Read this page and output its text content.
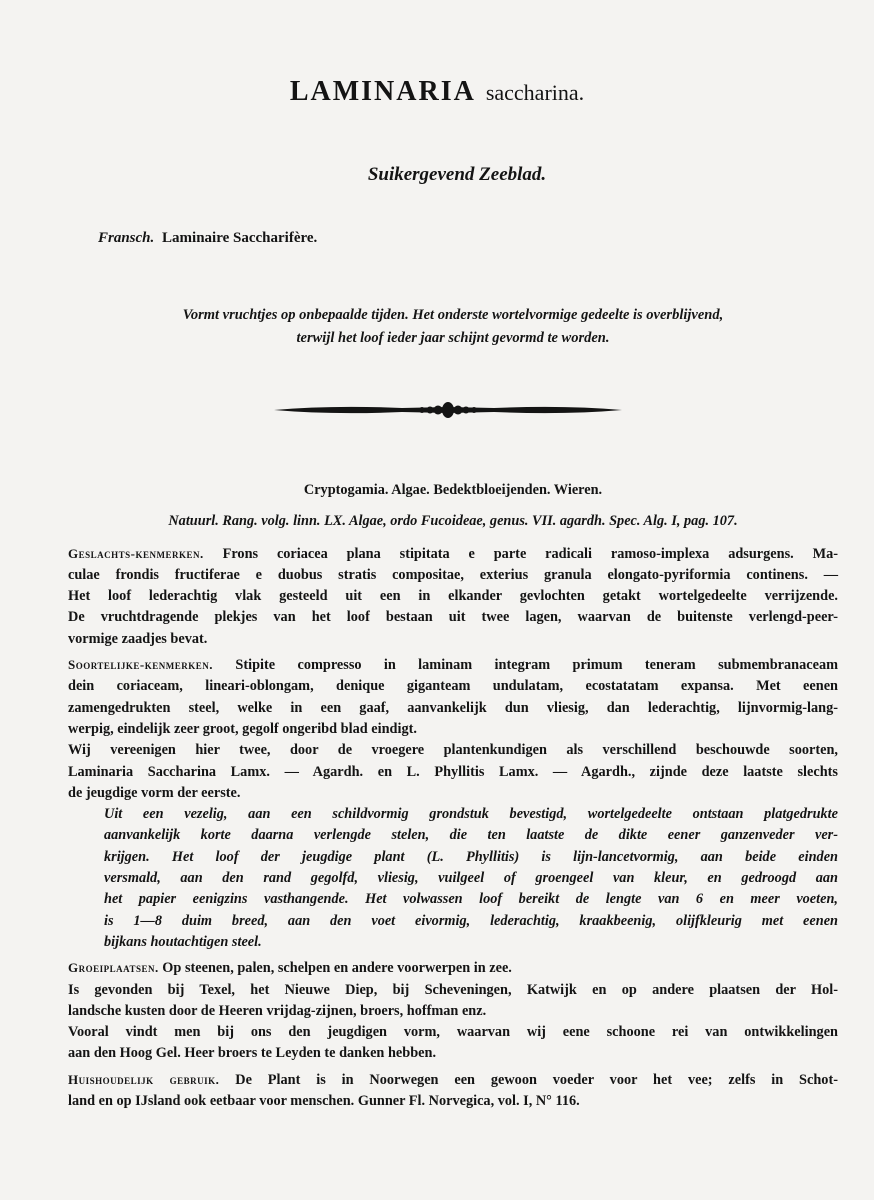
LAMINARIA saccharina.
Suikergevend Zeeblad.
Fransch. Laminaire Saccharifère.
Vormt vruchtjes op onbepaalde tijden. Het onderste wortelvormige gedeelte is overblijvend,
terwijl het loof ieder jaar schijnt gevormd te worden.
Cryptogamia. Algae. Bedektbloeijenden. Wieren.
Natuurl. Rang. volg. linn. LX. Algae, ordo Fucoideae, genus. VII. agardh. Spec. Alg. I, pag. 107.
Geslachts-kenmerken. Frons coriacea plana stipitata e parte radicali ramoso-implexa adsurgens. Ma-
culae frondis fructiferae e duobus stratis compositae, exterius granula elongato-pyriformia continens. —
Het loof lederachtig vlak gesteeld uit een in elkander gevlochten getakt wortelgedeelte verrijzende.
De vruchtdragende plekjes van het loof bestaan uit twee lagen, waarvan de buitenste verlengd-peer-
vormige zaadjes bevat.
Soortelijke-kenmerken. Stipite compresso in laminam integram primum teneram submembranaceam
dein coriaceam, lineari-oblongam, denique giganteam undulatam, ecostatatam expansa. Met eenen
zamengedrukten steel, welke in een gaaf, aanvankelijk dun vliesig, dan lederachtig, lijnvormig-lang-
werpig, eindelijk zeer groot, gegolf ongeribd blad eindigt.
Wij vereenigen hier twee, door de vroegere plantenkundigen als verschillend beschouwde soorten,
Laminaria Saccharina Lamx. — Agardh. en L. Phyllitis Lamx. — Agardh., zijnde deze laatste slechts
de jeugdige vorm der eerste.
Uit een vezelig, aan een schildvormig grondstuk bevestigd, wortelgedeelte ontstaan platgedrukte
aanvankelijk korte daarna verlengde stelen, die ten laatste de dikte eener ganzenveder ver-
krijgen. Het loof der jeugdige plant (L. Phyllitis) is lijn-lancetvormig, aan beide einden
versmald, aan den rand gegolfd, vliesig, vuilgeel of groengeel van kleur, en gedroogd aan
het papier eenigzins vasthangende. Het volwassen loof bereikt de lengte van 6 en meer voeten,
is 1—8 duim breed, aan den voet eivormig, lederachtig, kraakbeenig, olijfkleurig met eenen
bijkans houtachtigen steel.
Groeiplaatsen. Op steenen, palen, schelpen en andere voorwerpen in zee.
Is gevonden bij Texel, het Nieuwe Diep, bij Scheveningen, Katwijk en op andere plaatsen der Hol-
landsche kusten door de Heeren vrijdag-zijnen, broers, hoffman enz.
Vooral vindt men bij ons den jeugdigen vorm, waarvan wij eene schoone rei van ontwikkelingen
aan den Hoog Gel. Heer broers te Leyden te danken hebben.
Huishoudelijk gebruik. De Plant is in Noorwegen een gewoon voeder voor het vee; zelfs in Schot-
land en op IJsland ook eetbaar voor menschen. Gunner Fl. Norvegica, vol. I, N° 116.
